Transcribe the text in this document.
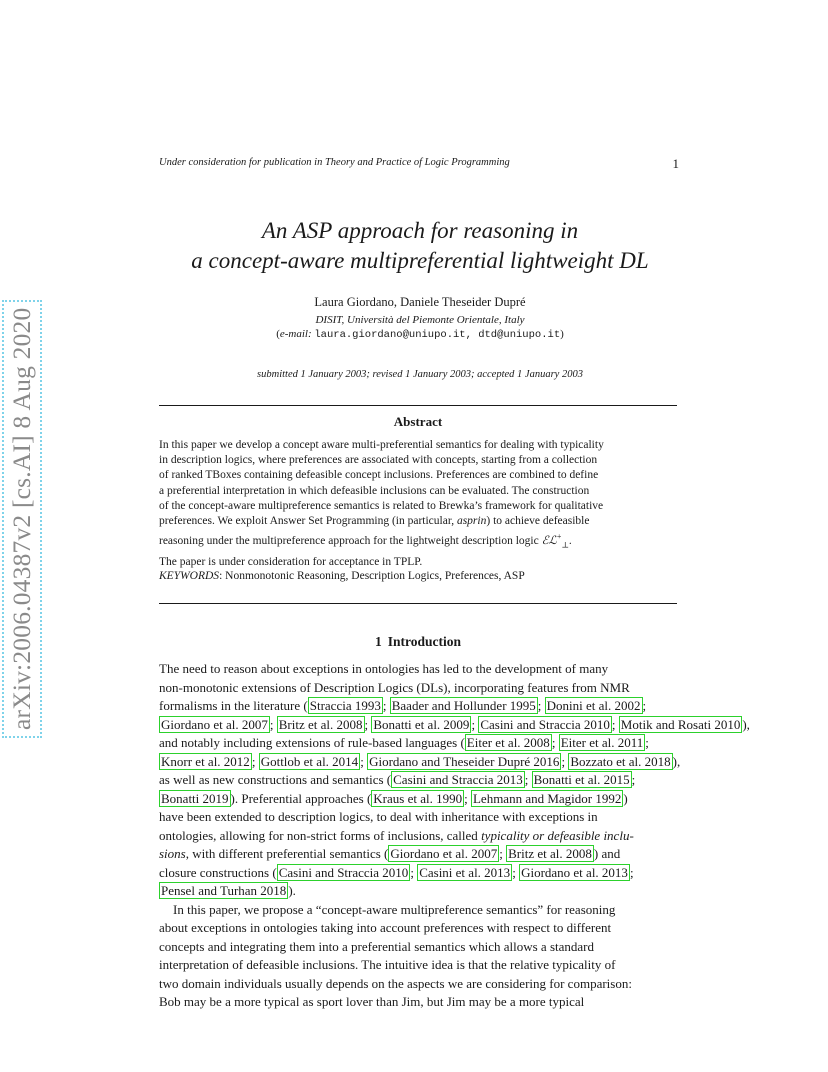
arXiv:2006.04387v2 [cs.AI] 8 Aug 2020
Under consideration for publication in Theory and Practice of Logic Programming	1
An ASP approach for reasoning in
a concept-aware multipreferential lightweight DL
Laura Giordano, Daniele Theseider Dupré
DISIT, Università del Piemonte Orientale, Italy
(e-mail: laura.giordano@uniupo.it, dtd@uniupo.it)
submitted 1 January 2003; revised 1 January 2003; accepted 1 January 2003
Abstract
In this paper we develop a concept aware multi-preferential semantics for dealing with typicality
in description logics, where preferences are associated with concepts, starting from a collection
of ranked TBoxes containing defeasible concept inclusions. Preferences are combined to define
a preferential interpretation in which defeasible inclusions can be evaluated. The construction
of the concept-aware multipreference semantics is related to Brewka’s framework for qualitative
preferences. We exploit Answer Set Programming (in particular, asprin) to achieve defeasible
reasoning under the multipreference approach for the lightweight description logic ℰℒ+$_\perp$.
The paper is under consideration for acceptance in TPLP.
KEYWORDS: Nonmonotonic Reasoning, Description Logics, Preferences, ASP
1 Introduction
The need to reason about exceptions in ontologies has led to the development of many
non-monotonic extensions of Description Logics (DLs), incorporating features from NMR
formalisms in the literature ( Straccia 1993 ; Baader and Hollunder 1995 ; Donini et al. 2002 ;
Giordano et al. 2007 ; Britz et al. 2008 ; Bonatti et al. 2009 ; Casini and Straccia 2010 ; Motik and Rosati 2010 ),
and notably including extensions of rule-based languages ( Eiter et al. 2008 ; Eiter et al. 2011 ;
Knorr et al. 2012 ; Gottlob et al. 2014 ; Giordano and Theseider Dupré 2016 ; Bozzato et al. 2018 ),
as well as new constructions and semantics ( Casini and Straccia 2013 ; Bonatti et al. 2015 ;
Bonatti 2019 ). Preferential approaches ( Kraus et al. 1990 ; Lehmann and Magidor 1992 )
have been extended to description logics, to deal with inheritance with exceptions in
ontologies, allowing for non-strict forms of inclusions, called typicality or defeasible inclu-
sions, with different preferential semantics ( Giordano et al. 2007 ; Britz et al. 2008 ) and
closure constructions ( Casini and Straccia 2010 ; Casini et al. 2013 ; Giordano et al. 2013 ;
Pensel and Turhan 2018 ).
In this paper, we propose a “concept-aware multipreference semantics” for reasoning
about exceptions in ontologies taking into account preferences with respect to different
concepts and integrating them into a preferential semantics which allows a standard
interpretation of defeasible inclusions. The intuitive idea is that the relative typicality of
two domain individuals usually depends on the aspects we are considering for comparison:
Bob may be a more typical as sport lover than Jim, but Jim may be a more typical
